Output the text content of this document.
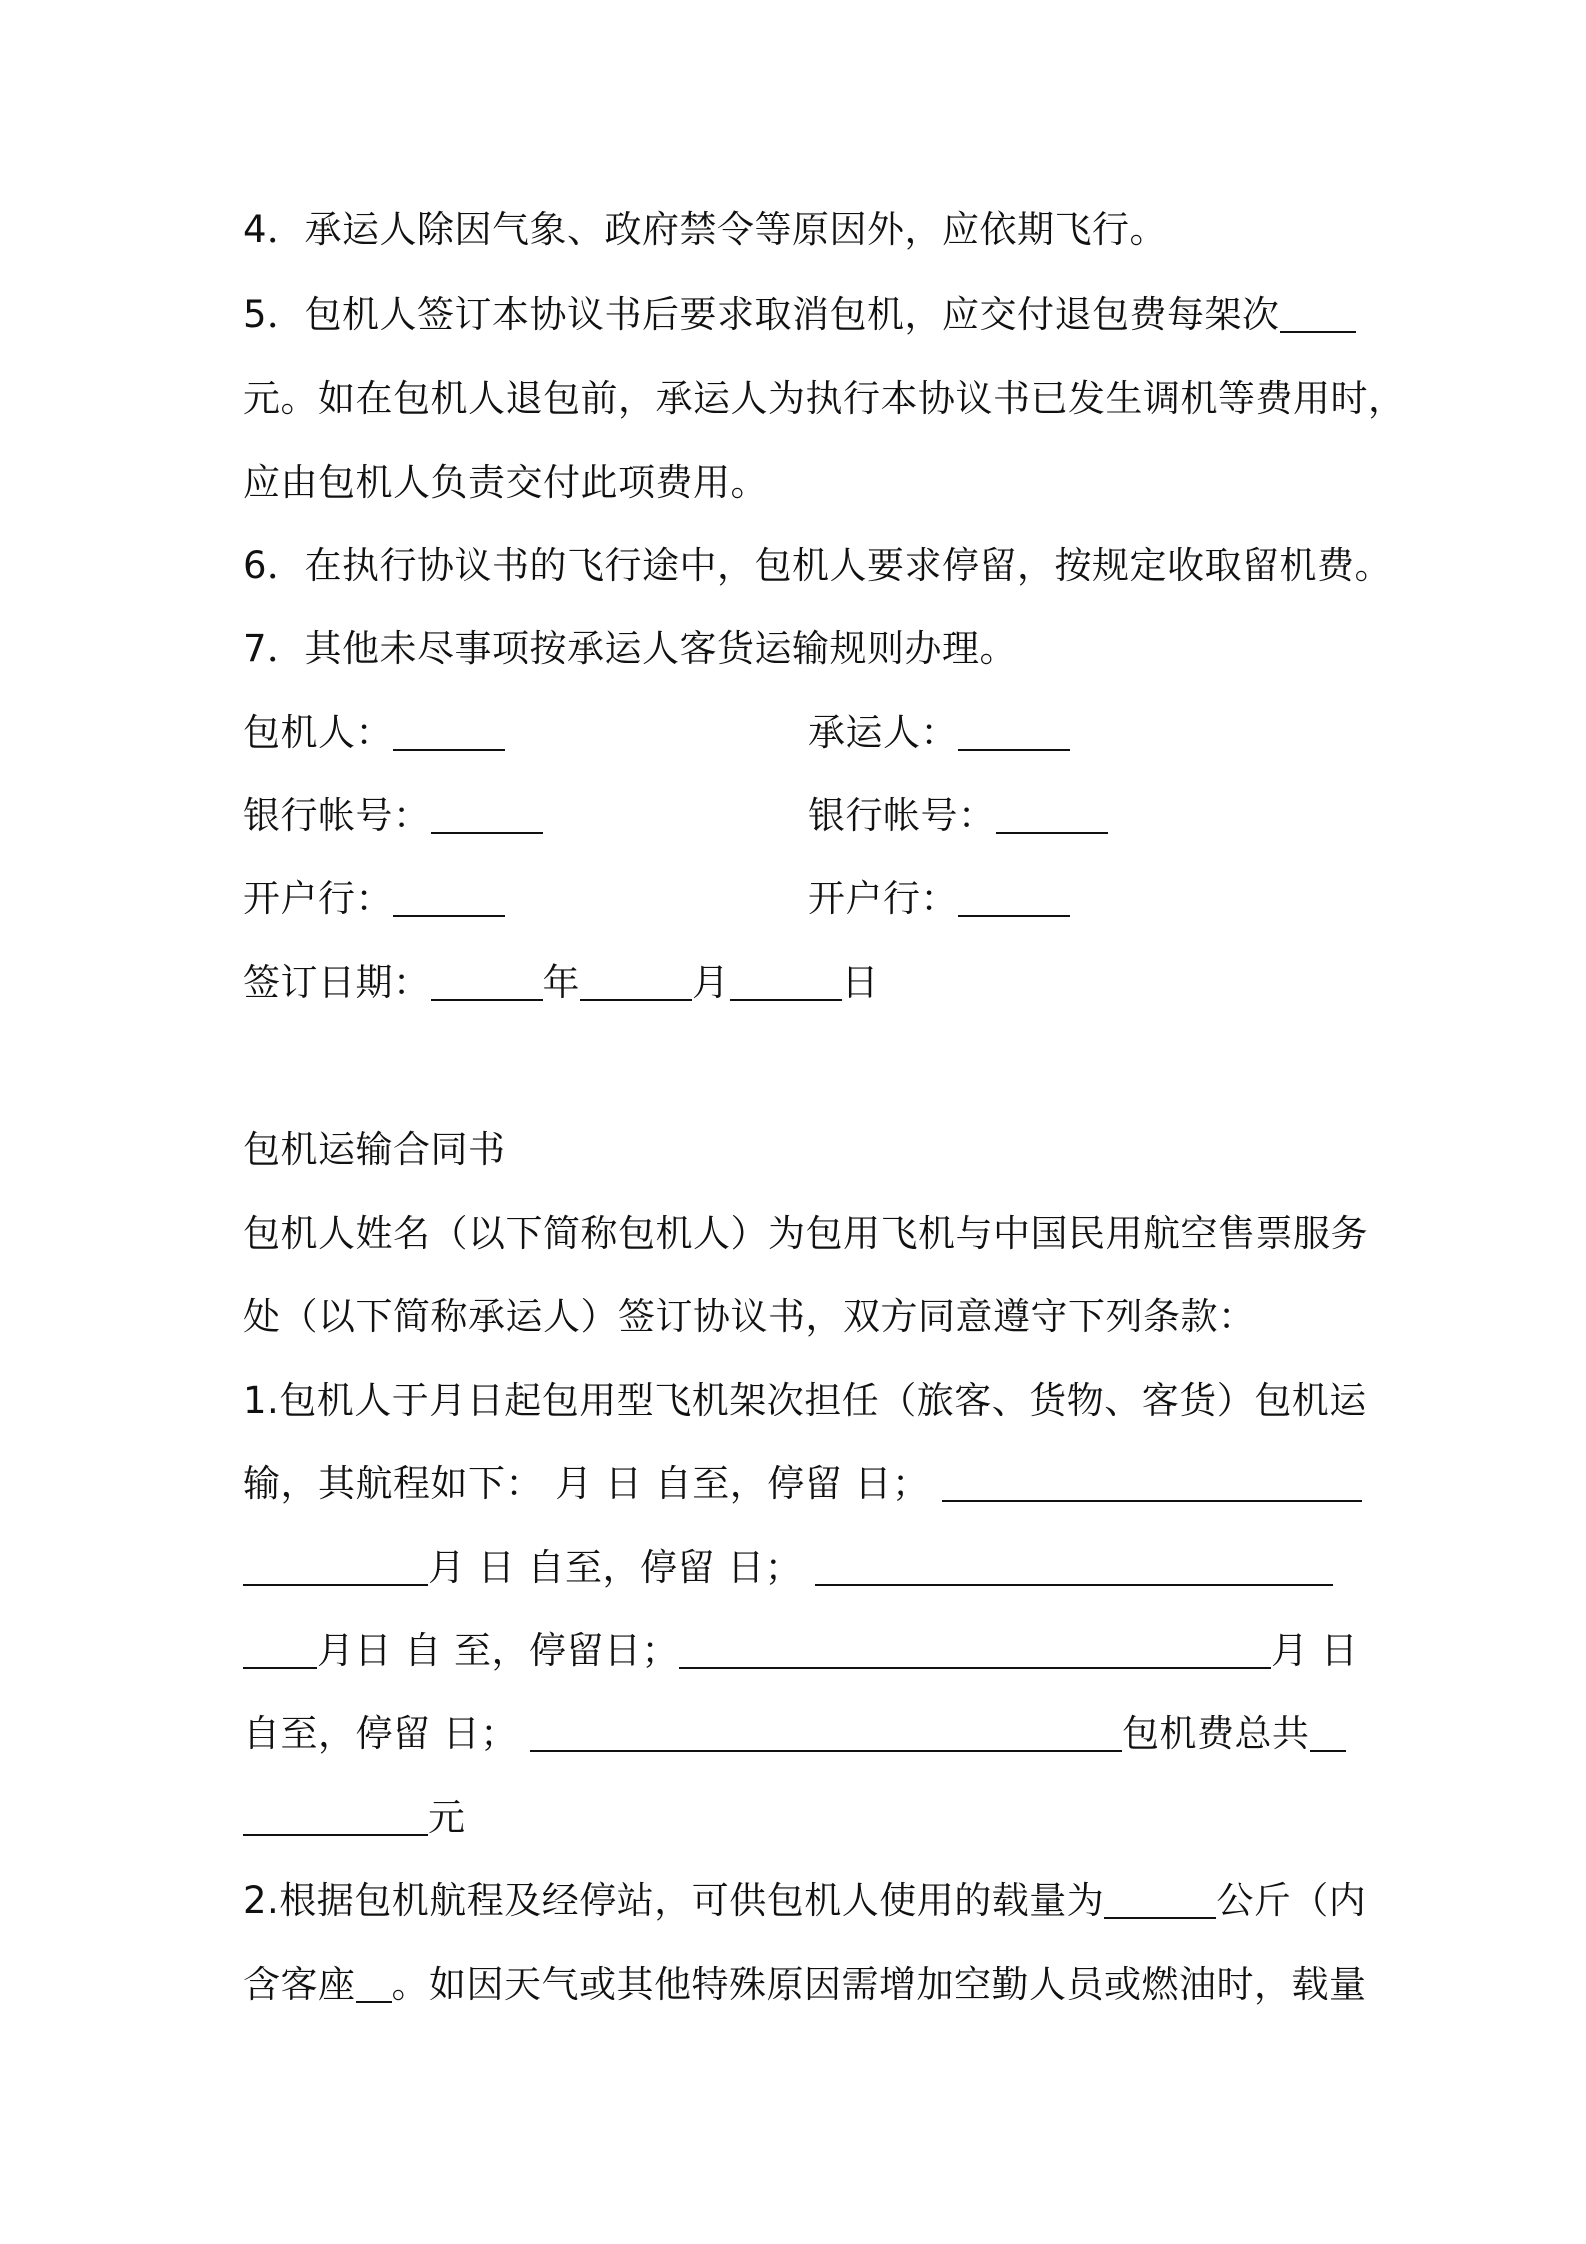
4．承运人除因气象、政府禁令等原因外，应依期飞行。
5．包机人签订本协议书后要求取消包机，应交付退包费每架次
元。如在包机人退包前，承运人为执行本协议书已发生调机等费用时，
应由包机人负责交付此项费用。
6．在执行协议书的飞行途中，包机人要求停留，按规定收取留机费。
7．其他未尽事项按承运人客货运输规则办理。
包机人：	承运人：
银行帐号：	银行帐号：
开户行：	开户行：
签订日期：	年	月	日
包机运输合同书
包机人姓名（以下简称包机人）为包用飞机与中国民用航空售票服务
处（以下简称承运人）签订协议书，双方同意遵守下列条款：
1.包机人于月日起包用型飞机架次担任（旅客、货物、客货）包机运
输，其航程如下： 月 日 自至，停留 日；
月 日 自至，停留 日；
月日 自 至，停留日；	月 日
自至，停留 日；	包机费总共
元
2.根据包机航程及经停站，可供包机人使用的载量为	公斤（内
含客座 。如因天气或其他特殊原因需增加空勤人员或燃油时，载量
